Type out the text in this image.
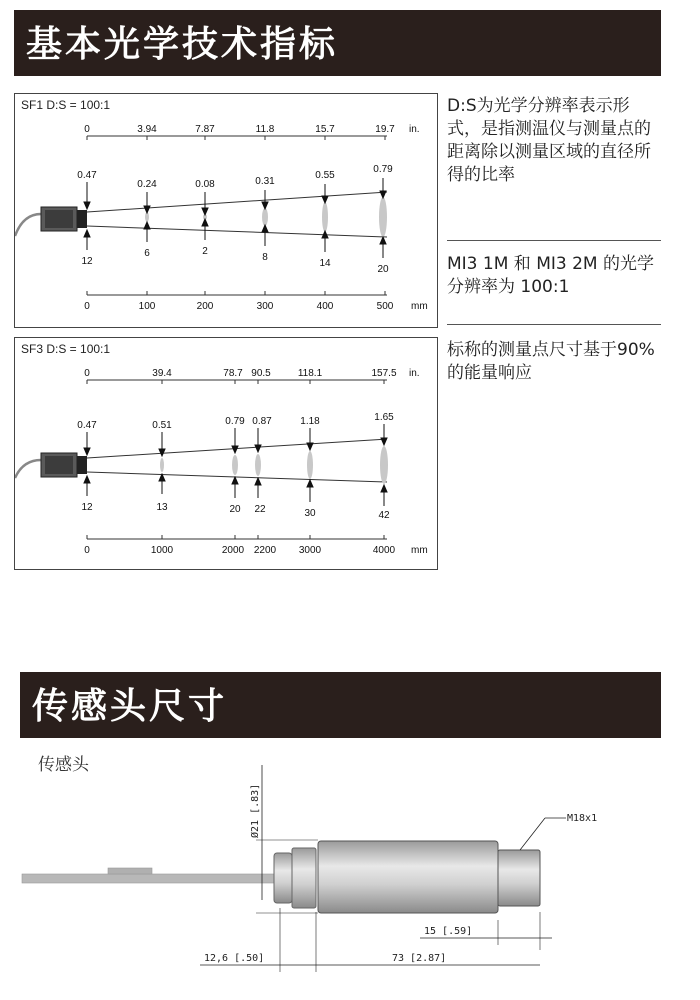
基本光学技术指标
0	3.94	7.87	11.8	15.7	19.7 in.
0.47
0.24	0.08	0.31
0.55
0.79
12
6	2
8
14
20
0	100	200	300	400	500 mm
SF1 D:S = 100:1
0	39.4	78.7 90.5	118.1	157.5 in.
0.47	0.51	0.79 0.87	1.18	1.65
12	13	20 22	30	42
0	1000	2000 2200 3000	4000 mm
SF3 D:S = 100:1
D:S为光学分辨率表示形式，是指测温仪与测量点的距离除以测量区域的直径所得的比率
MI3 1M 和 MI3 2M 的光学分辨率为 100:1
标称的测量点尺寸基于90%的能量响应
传感头尺寸
传感头
M18x1
Ø21 [.83]
15 [.59]
12,6 [.50]	73 [2.87]
